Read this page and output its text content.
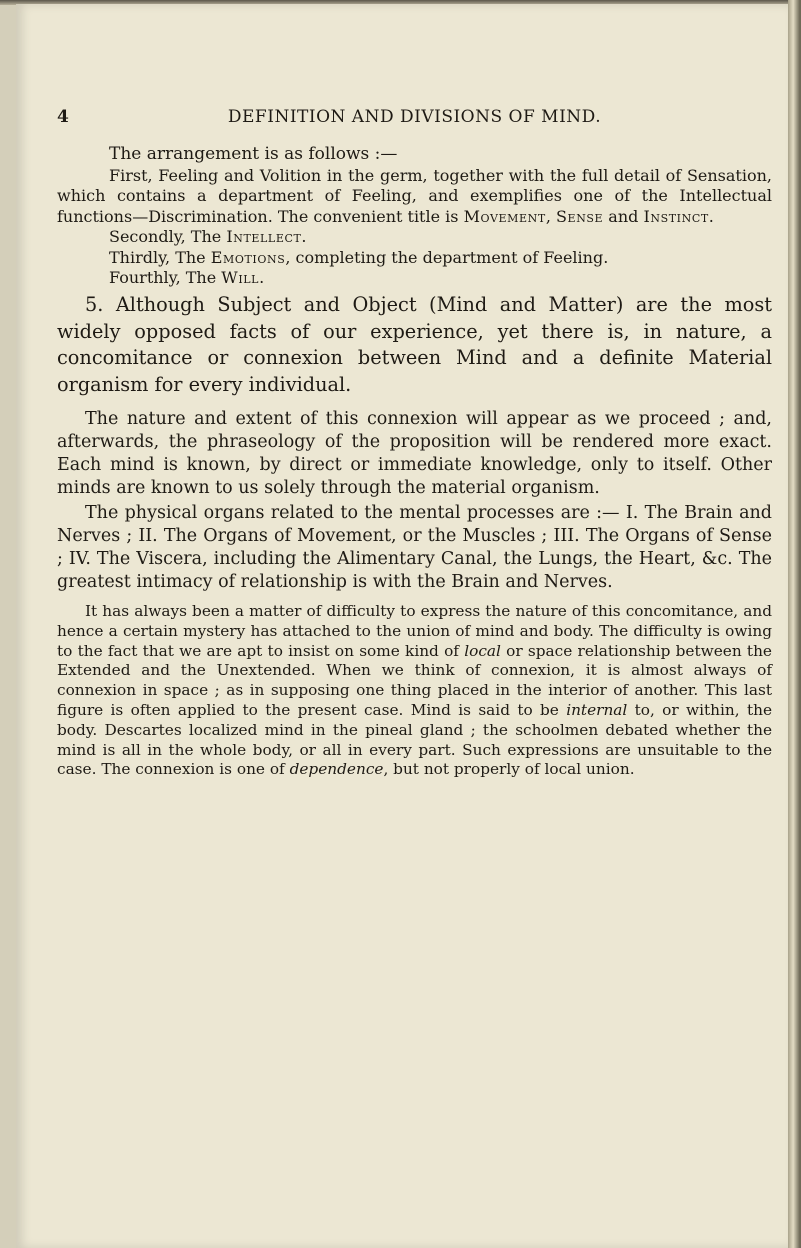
4	DEFINITION AND DIVISIONS OF MIND.

The arrangement is as follows :—

First, Feeling and Volition in the germ, together with the full detail of Sensation, which contains a department of Feeling, and exemplifies one of the Intellectual functions—Discrimination. The convenient title is Movement, Sense and Instinct.

Secondly, The Intellect.

Thirdly, The Emotions, completing the department of Feeling.

Fourthly, The Will.

5. Although Subject and Object (Mind and Matter) are the most widely opposed facts of our experience, yet there is, in nature, a concomitance or connexion between Mind and a definite Material organism for every individual.

The nature and extent of this connexion will appear as we proceed ; and, afterwards, the phraseology of the proposition will be rendered more exact. Each mind is known, by direct or immediate knowledge, only to itself. Other minds are known to us solely through the material organism.

The physical organs related to the mental processes are :— I. The Brain and Nerves ; II. The Organs of Movement, or the Muscles ; III. The Organs of Sense ; IV. The Viscera, including the Alimentary Canal, the Lungs, the Heart, &c. The greatest intimacy of relationship is with the Brain and Nerves.

It has always been a matter of difficulty to express the nature of this concomitance, and hence a certain mystery has attached to the union of mind and body. The difficulty is owing to the fact that we are apt to insist on some kind of local or space relationship between the Extended and the Unextended. When we think of connexion, it is almost always of connexion in space ; as in supposing one thing placed in the interior of another. This last figure is often applied to the present case. Mind is said to be internal to, or within, the body. Descartes localized mind in the pineal gland ; the schoolmen debated whether the mind is all in the whole body, or all in every part. Such expressions are unsuitable to the case. The connexion is one of dependence, but not properly of local union.
